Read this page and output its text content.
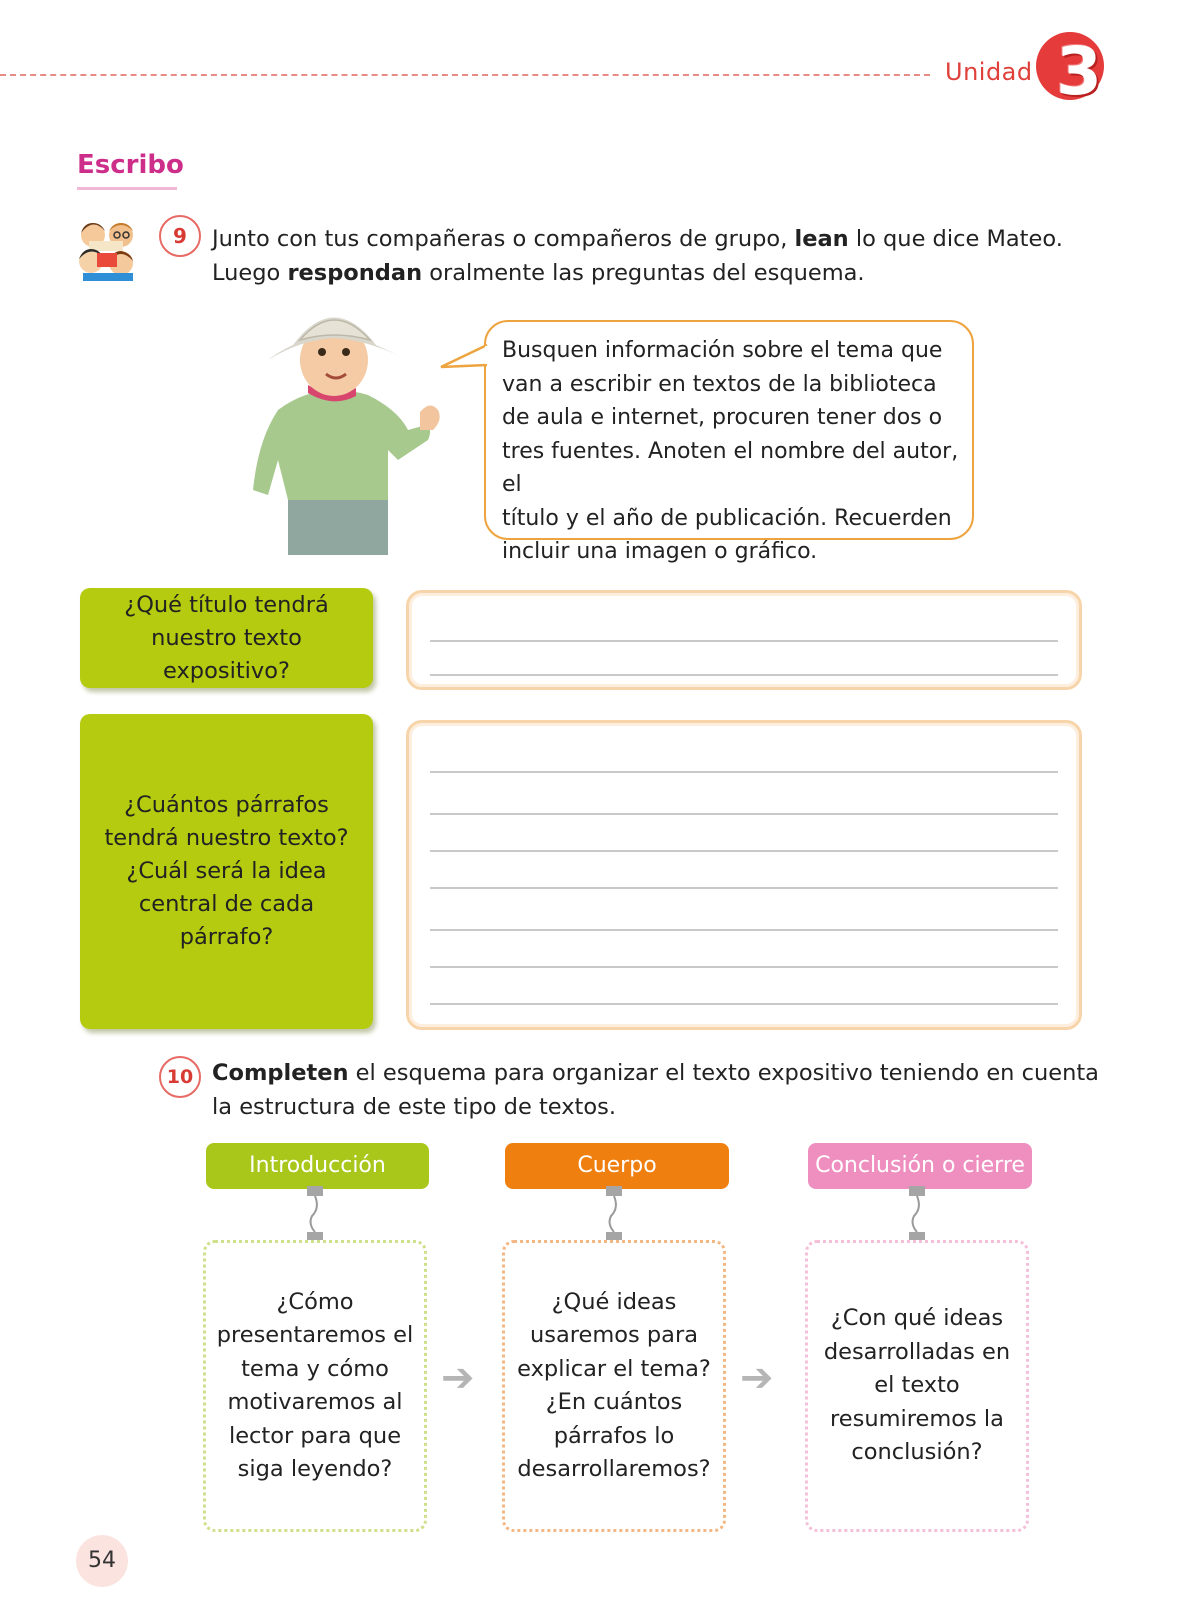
Unidad 3
Escribo
9	Junto con tus compañeras o compañeros de grupo, lean lo que dice Mateo.
Luego respondan oralmente las preguntas del esquema.
Busquen información sobre el tema que
van a escribir en textos de la biblioteca
de aula e internet, procuren tener dos o
tres fuentes. Anoten el nombre del autor, el
título y el año de publicación. Recuerden
incluir una imagen o gráfico.
¿Qué título tendrá
nuestro texto expositivo?
¿Cuántos párrafos
tendrá nuestro texto?
¿Cuál será la idea
central de cada
párrafo?
10 Completen el esquema para organizar el texto expositivo teniendo en cuenta
la estructura de este tipo de textos.
Introducción
¿Cómo
presentaremos el
tema y cómo
motivaremos al
lector para que
siga leyendo?
➔
Cuerpo
¿Qué ideas
usaremos para
explicar el tema?
¿En cuántos
párrafos lo
desarrollaremos?
➔
Conclusión o cierre
¿Con qué ideas
desarrolladas en
el texto
resumiremos la
conclusión?
54
